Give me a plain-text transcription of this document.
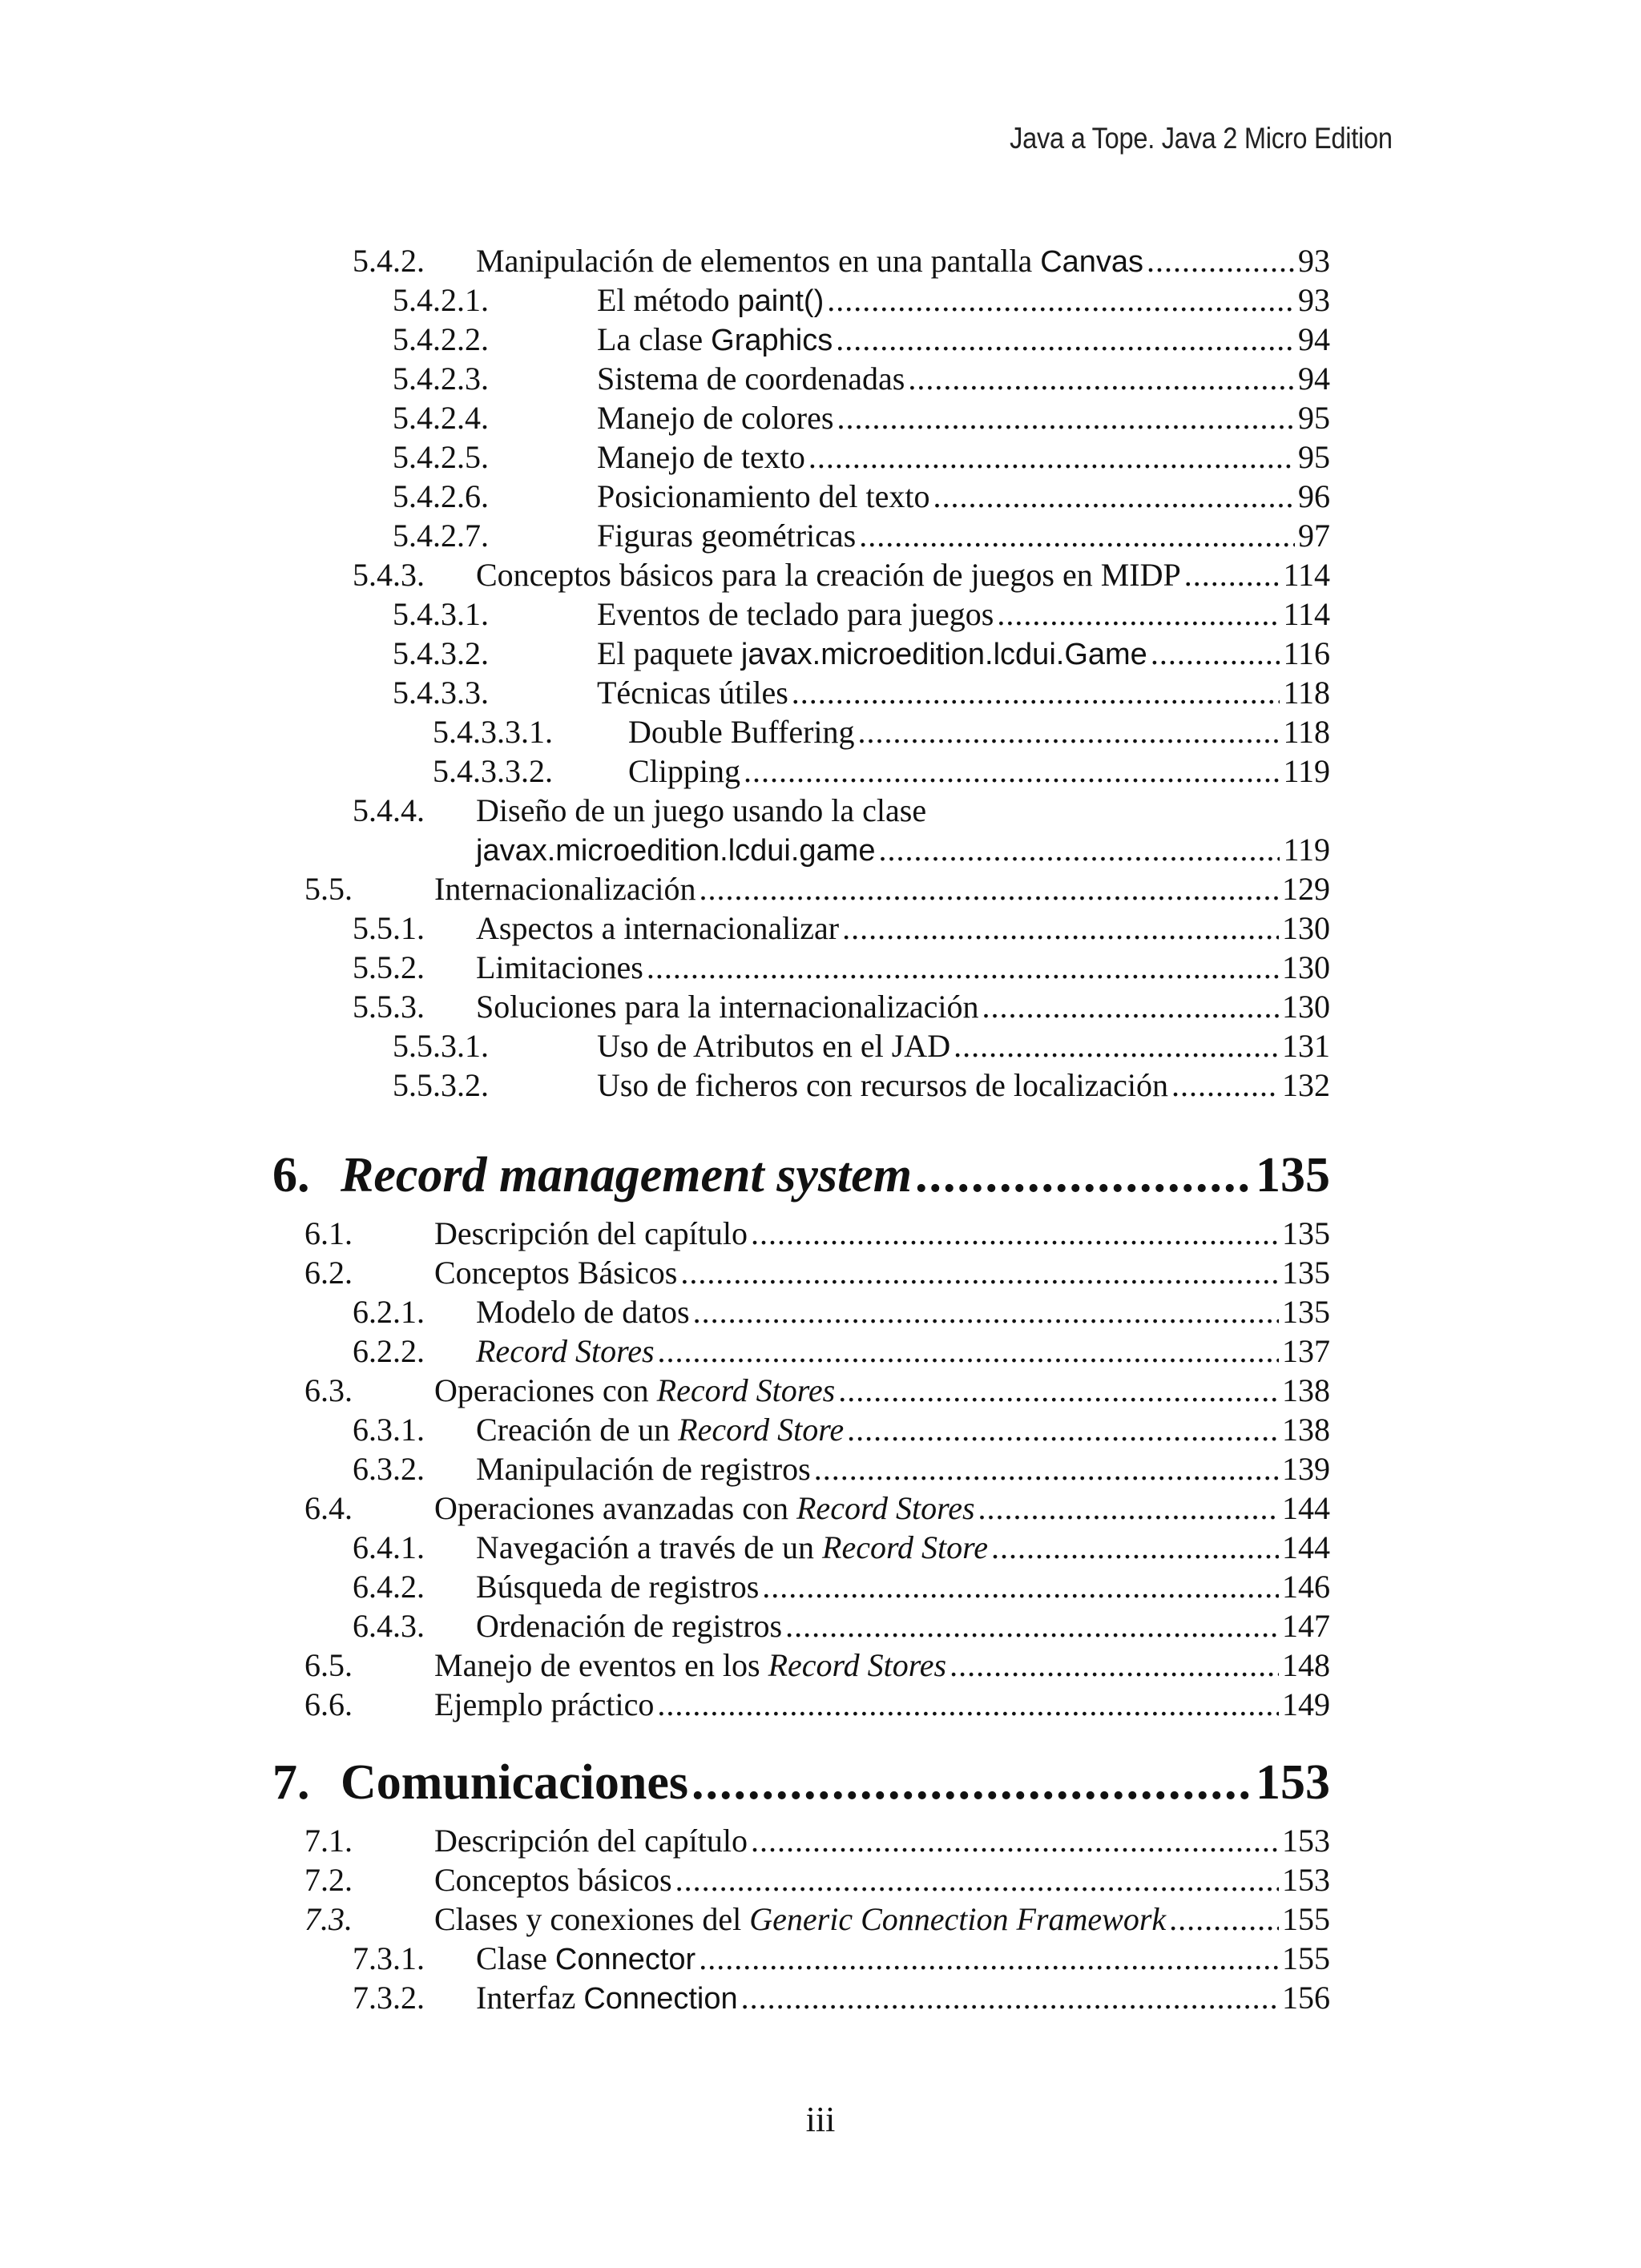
Java a Tope. Java 2 Micro Edition
5.4.2.	Manipulación de elementos en una pantalla Canvas .....	93
5.4.2.1.	El método paint() .....	93
5.4.2.2.	La clase Graphics .....	94
5.4.2.3.	Sistema de coordenadas .....	94
5.4.2.4.	Manejo de colores .....	95
5.4.2.5.	Manejo de texto .....	95
5.4.2.6.	Posicionamiento del texto .....	96
5.4.2.7.	Figuras geométricas .....	97
5.4.3.	Conceptos básicos para la creación de juegos en MIDP .....	114
5.4.3.1.	Eventos de teclado para juegos .....	114
5.4.3.2.	El paquete javax.microedition.lcdui.Game .....	116
5.4.3.3.	Técnicas útiles .....	118
5.4.3.3.1.	Double Buffering .....	118
5.4.3.3.2.	Clipping .....	119
5.4.4.	Diseño de un juego usando la clase
javax.microedition.lcdui.game .....	119
5.5.	Internacionalización .....	129
5.5.1.	Aspectos a internacionalizar .....	130
5.5.2.	Limitaciones .....	130
5.5.3.	Soluciones para la internacionalización .....	130
5.5.3.1.	Uso de Atributos en el JAD .....	131
5.5.3.2.	Uso de ficheros con recursos de localización .....	132
6. Record management system .....	135
6.1.	Descripción del capítulo .....	135
6.2.	Conceptos Básicos .....	135
6.2.1.	Modelo de datos .....	135
6.2.2.	Record Stores .....	137
6.3.	Operaciones con Record Stores .....	138
6.3.1.	Creación de un Record Store .....	138
6.3.2.	Manipulación de registros .....	139
6.4.	Operaciones avanzadas con Record Stores .....	144
6.4.1.	Navegación a través de un Record Store .....	144
6.4.2.	Búsqueda de registros .....	146
6.4.3.	Ordenación de registros .....	147
6.5.	Manejo de eventos en los Record Stores .....	148
6.6.	Ejemplo práctico .....	149
7. Comunicaciones .....	153
7.1.	Descripción del capítulo .....	153
7.2.	Conceptos básicos .....	153
7.3.	Clases y conexiones del Generic Connection Framework .....	155
7.3.1.	Clase Connector .....	155
7.3.2.	Interfaz Connection .....	156
iii
